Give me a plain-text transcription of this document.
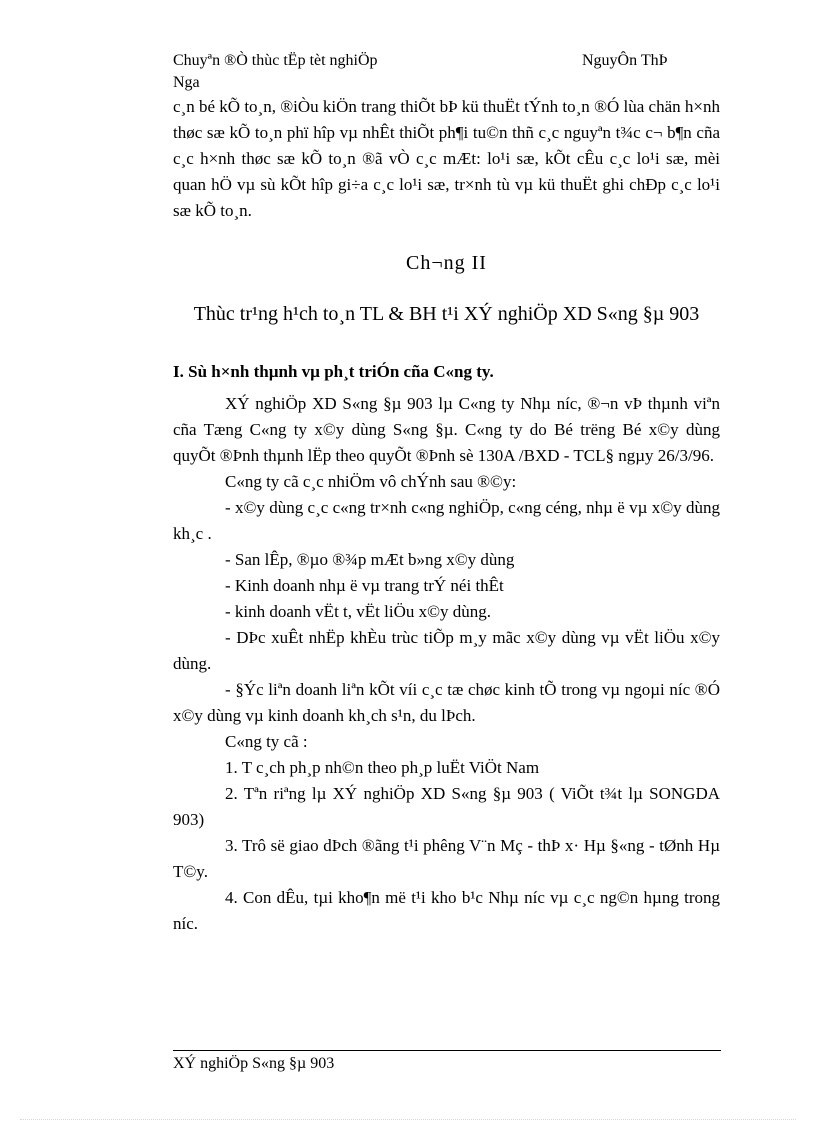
Chuyªn ®Ò thùc tËp tèt nghiÖp	NguyÔn ThÞ
Nga

c¸n bé kÕ to¸n, ®iÒu kiÖn trang thiÕt bÞ kü thuËt tÝnh to¸n ®Ó lùa chän h×nh thøc sæ kÕ to¸n phï hîp vµ nhÊt thiÕt ph¶i tu©n thñ c¸c nguyªn t¾c c¬ b¶n cña c¸c h×nh thøc sæ kÕ to¸n ®ã vÒ c¸c mÆt: lo¹i sæ, kÕt cÊu c¸c lo¹i sæ, mèi quan hÖ vµ sù kÕt hîp gi÷a c¸c lo¹i sæ, tr×nh tù vµ kü thuËt ghi chÐp c¸c lo¹i sæ kÕ to¸n.

Ch¬ng II

Thùc tr¹ng h¹ch to¸n TL & BH t¹i XÝ nghiÖp XD S«ng §µ 903

I. Sù h×nh thµnh vµ ph¸t triÓn cña C«ng ty.

XÝ nghiÖp XD S«ng §µ 903 lµ C«ng ty Nhµ níc, ®¬n vÞ thµnh viªn cña Tæng C«ng ty x©y dùng S«ng §µ. C«ng ty do Bé trëng Bé x©y dùng quyÕt ®Þnh thµnh lËp theo quyÕt ®Þnh sè 130A /BXD - TCL§ ngµy 26/3/96.

C«ng ty cã c¸c nhiÖm vô chÝnh sau ®©y:

- x©y dùng c¸c c«ng tr×nh c«ng nghiÖp, c«ng céng, nhµ ë vµ x©y dùng kh¸c .

- San lÊp, ®µo ®¾p mÆt b»ng x©y dùng

- Kinh doanh nhµ ë vµ trang trÝ néi thÊt

- kinh doanh vËt t, vËt liÖu x©y dùng.

- DÞc xuÊt nhËp khÈu trùc tiÕp m¸y mãc x©y dùng vµ vËt liÖu x©y dùng.

- §Ýc liªn doanh liªn kÕt víi c¸c tæ chøc kinh tÕ trong vµ ngoµi níc ®Ó x©y dùng vµ kinh doanh kh¸ch s¹n, du lÞch.

C«ng ty cã :

1. T c¸ch ph¸p nh©n theo ph¸p luËt ViÖt Nam

2. Tªn riªng lµ XÝ nghiÖp XD S«ng §µ 903 ( ViÕt t¾t lµ SONGDA 903)

3. Trô së giao dÞch ®ãng t¹i phêng V¨n Mç - thÞ x· Hµ §«ng - tØnh Hµ T©y.

4. Con dÊu, tµi kho¶n më t¹i kho b¹c Nhµ níc vµ c¸c ng©n hµng trong níc.

XÝ nghiÖp S«ng §µ 903
